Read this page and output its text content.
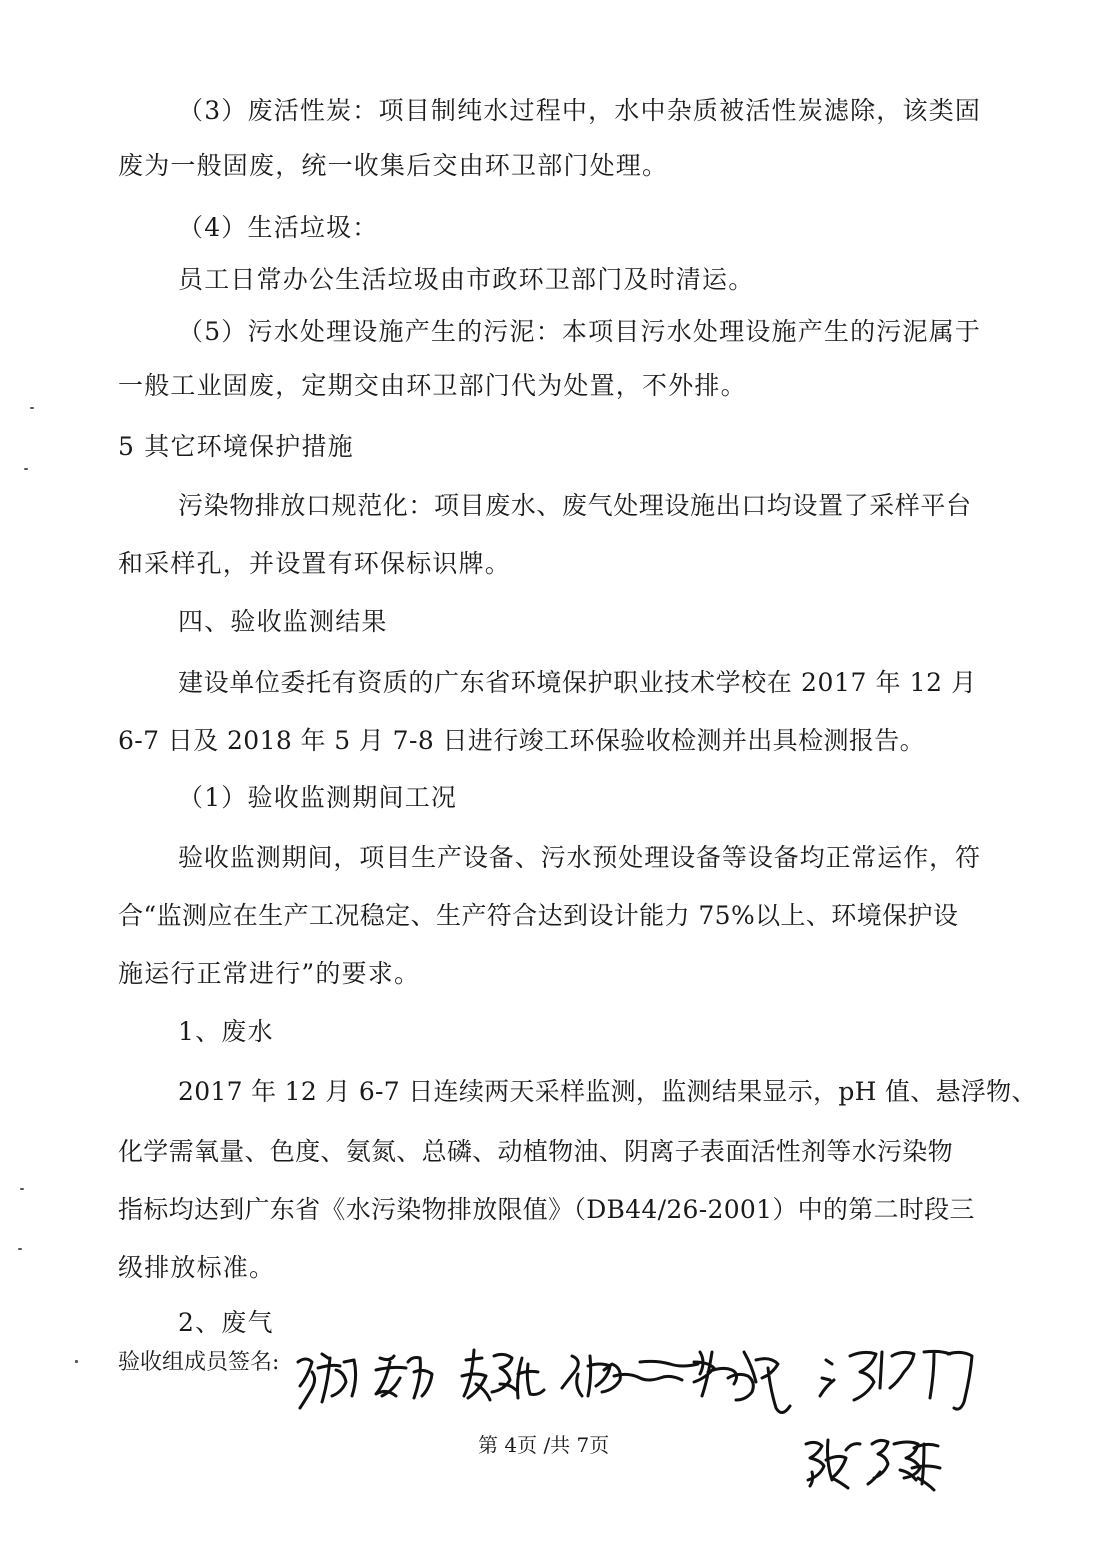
（3）废活性炭：项目制纯水过程中，水中杂质被活性炭滤除，该类固
废为一般固废，统一收集后交由环卫部门处理。
（4）生活垃圾：
员工日常办公生活垃圾由市政环卫部门及时清运。
（5）污水处理设施产生的污泥：本项目污水处理设施产生的污泥属于
一般工业固废，定期交由环卫部门代为处置，不外排。
5 其它环境保护措施
污染物排放口规范化：项目废水、废气处理设施出口均设置了采样平台
和采样孔，并设置有环保标识牌。
四、验收监测结果
建设单位委托有资质的广东省环境保护职业技术学校在 2017 年 12 月
6-7 日及 2018 年 5 月 7-8 日进行竣工环保验收检测并出具检测报告。
（1）验收监测期间工况
验收监测期间，项目生产设备、污水预处理设备等设备均正常运作，符
合“监测应在生产工况稳定、生产符合达到设计能力 75%以上、环境保护设
施运行正常进行”的要求。
1、废水
2017 年 12 月 6-7 日连续两天采样监测，监测结果显示，pH 值、悬浮物、
化学需氧量、色度、氨氮、总磷、动植物油、阴离子表面活性剂等水污染物
指标均达到广东省《水污染物排放限值》（DB44/26-2001）中的第二时段三
级排放标准。
2、废气
验收组成员签名:
第 4页 /共 7页
